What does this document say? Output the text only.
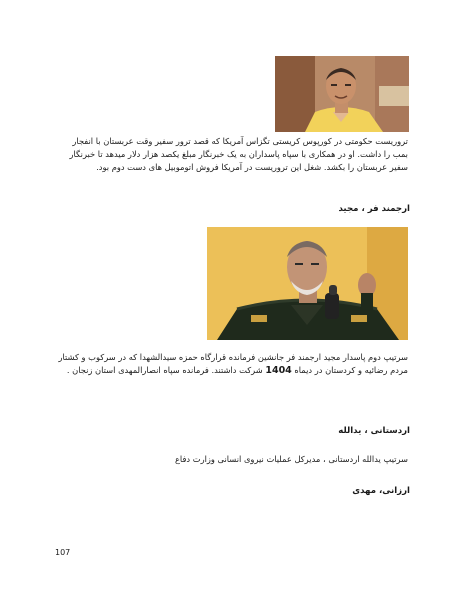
تروریست حکومتی در کورپوس کریستی تگزاس آمریکا که قصد ترور سفیر وقت عربستان با انفجار
بمب را داشت. او در همکاری با سپاه پاسداران به یک خبرنگار مبلغ یکصد هزار دلار میدهد تا خبرنگار
سفیر عربستان را بکشد. شغل این تروریست در آمریکا فروش اتوموبیل های دست دوم بود.
ارجمند فر ، مجید
سرتیپ دوم پاسدار مجید ارجمند فر جانشین فرمانده قرارگاه حمزه سیدالشهدا که در سرکوب و کشتار
مردم رضائیه و کردستان در دیماه 1404 شرکت داشتند. فرمانده سپاه انصارالمهدی استان زنجان .
اردستانی ، یدالله
سرتیپ یدالله اردستانی ، مدیرکل عملیات نیروی انسانی وزارت دفاع
ارزانی، مهدی
107
